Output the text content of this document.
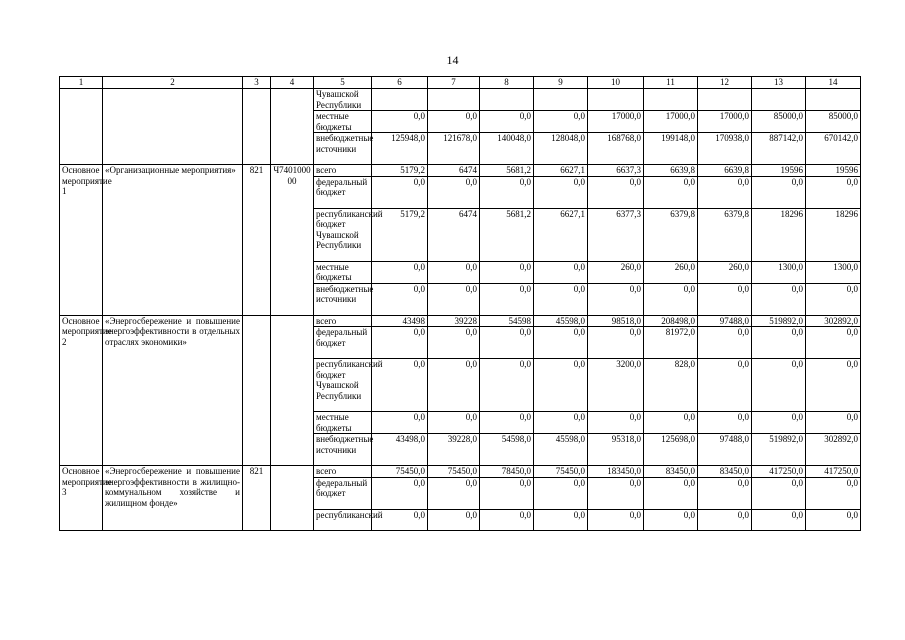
14
1	2	3	4	5	6	7	8	9	10	11	12	13	14
				Чувашской Республики									
				местные бюджеты	0,0	0,0	0,0	0,0	17000,0	17000,0	17000,0	85000,0	85000,0
				внебюджетные источники	125948,0	121678,0	140048,0	128048,0	168768,0	199148,0	170938,0	887142,0	670142,0
Основное мероприятие 1	«Организационные мероприятия»	821	Ч740100000	всего	5179,2	6474	5681,2	6627,1	6637,3	6639,8	6639,8	19596	19596
				федеральный бюджет	0,0	0,0	0,0	0,0	0,0	0,0	0,0	0,0	0,0
				республиканский бюджет Чувашской Республики	5179,2	6474	5681,2	6627,1	6377,3	6379,8	6379,8	18296	18296
				местные бюджеты	0,0	0,0	0,0	0,0	260,0	260,0	260,0	1300,0	1300,0
				внебюджетные источники	0,0	0,0	0,0	0,0	0,0	0,0	0,0	0,0	0,0
Основное мероприятие 2	«Энергосбережение и повышение энергоэффективности в отдельных отраслях экономики»			всего	43498	39228	54598	45598,0	98518,0	208498,0	97488,0	519892,0	302892,0
				федеральный бюджет	0,0	0,0	0,0	0,0	0,0	81972,0	0,0	0,0	0,0
				республиканский бюджет Чувашской Республики	0,0	0,0	0,0	0,0	3200,0	828,0	0,0	0,0	0,0
				местные бюджеты	0,0	0,0	0,0	0,0	0,0	0,0	0,0	0,0	0,0
				внебюджетные источники	43498,0	39228,0	54598,0	45598,0	95318,0	125698,0	97488,0	519892,0	302892,0
Основное мероприятие 3	«Энергосбережение и повышение энергоэффективности в жилищно-коммунальном хозяйстве и жилищном фонде»	821		всего	75450,0	75450,0	78450,0	75450,0	183450,0	83450,0	83450,0	417250,0	417250,0
				федеральный бюджет	0,0	0,0	0,0	0,0	0,0	0,0	0,0	0,0	0,0
				республиканский	0,0	0,0	0,0	0,0	0,0	0,0	0,0	0,0	0,0
